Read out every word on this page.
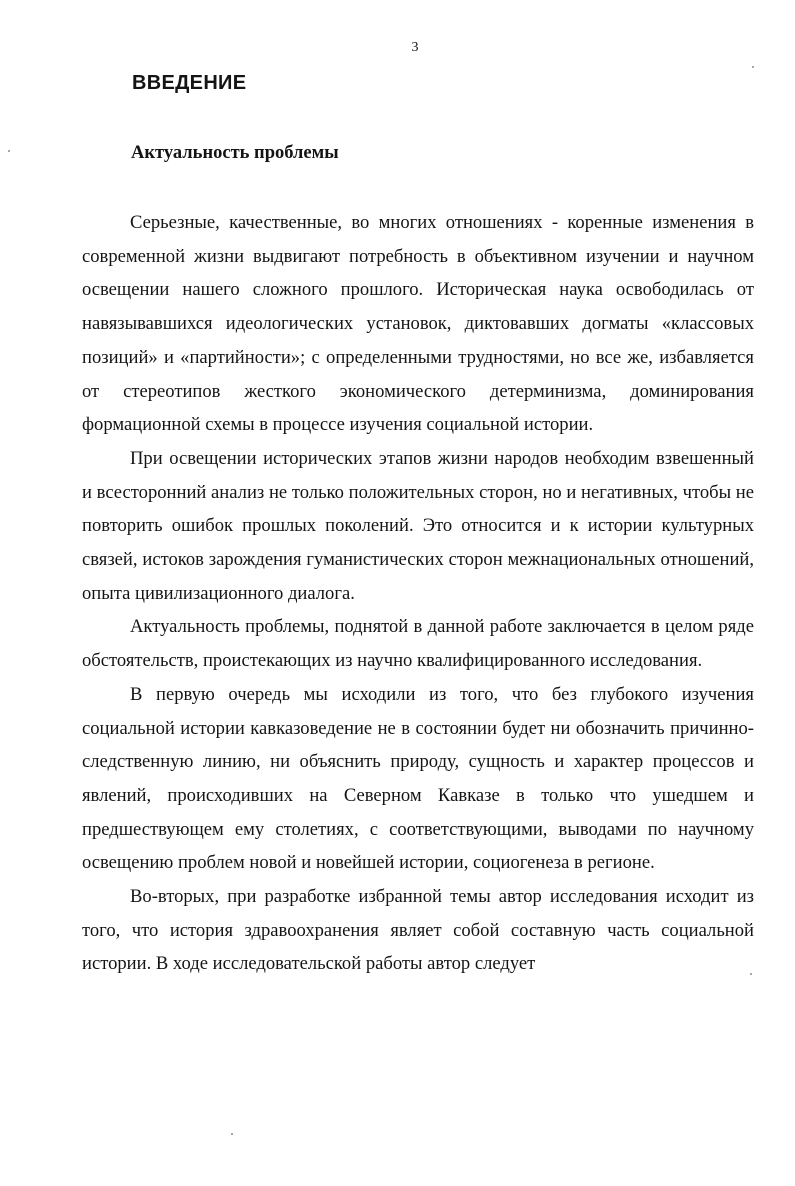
3
ВВЕДЕНИЕ
Актуальность проблемы

Серьезные, качественные, во многих отношениях - коренные изменения в современной жизни выдвигают потребность в объективном изучении и научном освещении нашего сложного прошлого. Историческая наука освободилась от навязывавшихся идеологических установок, диктовавших догматы «классовых позиций» и «партийности»; с определенными трудностями, но все же, избавляется от стереотипов жесткого экономического детерминизма, доминирования формационной схемы в процессе изучения социальной истории.

При освещении исторических этапов жизни народов необходим взвешенный и всесторонний анализ не только положительных сторон, но и негативных, чтобы не повторить ошибок прошлых поколений. Это относится и к истории культурных связей, истоков зарождения гуманистических сторон межнациональных отношений, опыта цивилизационного диалога.

Актуальность проблемы, поднятой в данной работе заключается в целом ряде обстоятельств, проистекающих из научно квалифицированного исследования.

В первую очередь мы исходили из того, что без глубокого изучения социальной истории кавказоведение не в состоянии будет ни обозначить причинно-следственную линию, ни объяснить природу, сущность и характер процессов и явлений, происходивших на Северном Кавказе в только что ушедшем и предшествующем ему столетиях, с соответствующими, выводами по научному освещению проблем новой и новейшей истории, социогенеза в регионе.

Во-вторых, при разработке избранной темы автор исследования исходит из того, что история здравоохранения являет собой составную часть социальной истории. В ходе исследовательской работы автор следует
